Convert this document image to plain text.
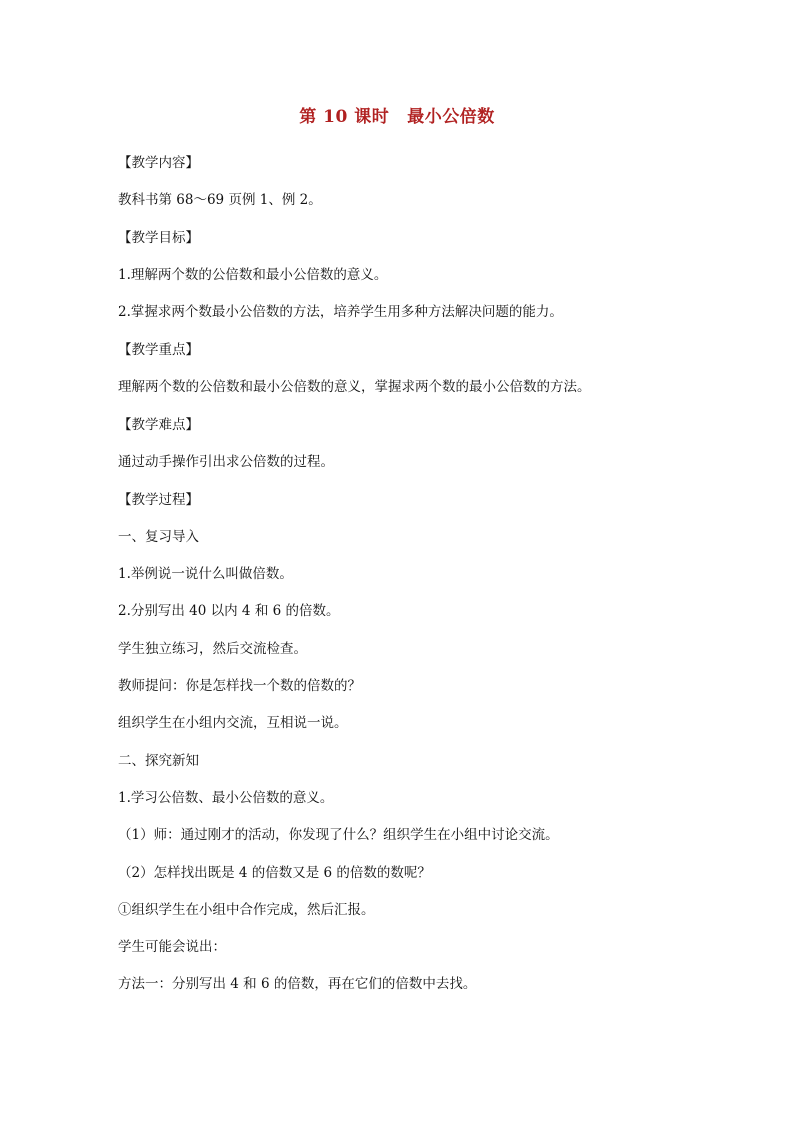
第 10 课时 最小公倍数
【教学内容】
教科书第 68～69 页例 1、例 2。
【教学目标】
1.理解两个数的公倍数和最小公倍数的意义。
2.掌握求两个数最小公倍数的方法，培养学生用多种方法解决问题的能力。
【教学重点】
理解两个数的公倍数和最小公倍数的意义，掌握求两个数的最小公倍数的方法。
【教学难点】
通过动手操作引出求公倍数的过程。
【教学过程】
一、复习导入
1.举例说一说什么叫做倍数。
2.分别写出 40 以内 4 和 6 的倍数。
学生独立练习，然后交流检查。
教师提问：你是怎样找一个数的倍数的？
组织学生在小组内交流，互相说一说。
二、探究新知
1.学习公倍数、最小公倍数的意义。
（1）师：通过刚才的活动，你发现了什么？组织学生在小组中讨论交流。
（2）怎样找出既是 4 的倍数又是 6 的倍数的数呢？
①组织学生在小组中合作完成，然后汇报。
学生可能会说出：
方法一：分别写出 4 和 6 的倍数，再在它们的倍数中去找。
